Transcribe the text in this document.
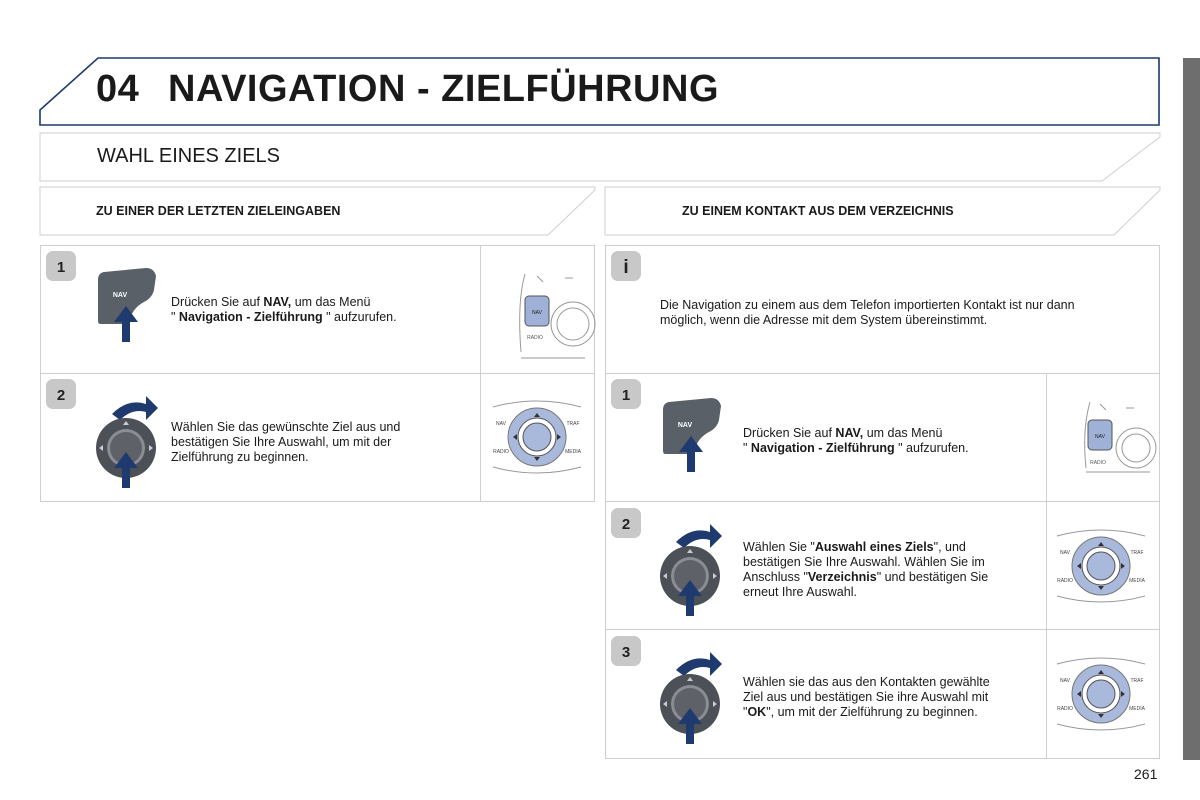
1
2
i
1
2
3
NAV
NAV
NAV
RADIO
NAV
RADIO
NAV	TRAF
RADIO	MEDIA
NAV	TRAF
RADIO	MEDIA
NAV	TRAF
RADIO	MEDIA
04 NAVIGATION - ZIELFÜHRUNG
WAHL EINES ZIELS
ZU EINER DER LETZTEN ZIELEINGABEN	ZU EINEM KONTAKT AUS DEM VERZEICHNIS
Drücken Sie auf NAV, um das Menü
" Navigation - Zielführung " aufzurufen.
Wählen Sie das gewünschte Ziel aus und
bestätigen Sie Ihre Auswahl, um mit der
Zielführung zu beginnen.
Die Navigation zu einem aus dem Telefon importierten Kontakt ist nur dann
möglich, wenn die Adresse mit dem System übereinstimmt.
Drücken Sie auf NAV, um das Menü
" Navigation - Zielführung " aufzurufen.
Wählen Sie "Auswahl eines Ziels", und
bestätigen Sie Ihre Auswahl. Wählen Sie im
Anschluss "Verzeichnis" und bestätigen Sie
erneut Ihre Auswahl.
Wählen sie das aus den Kontakten gewählte
Ziel aus und bestätigen Sie ihre Auswahl mit
"OK", um mit der Zielführung zu beginnen.
261
